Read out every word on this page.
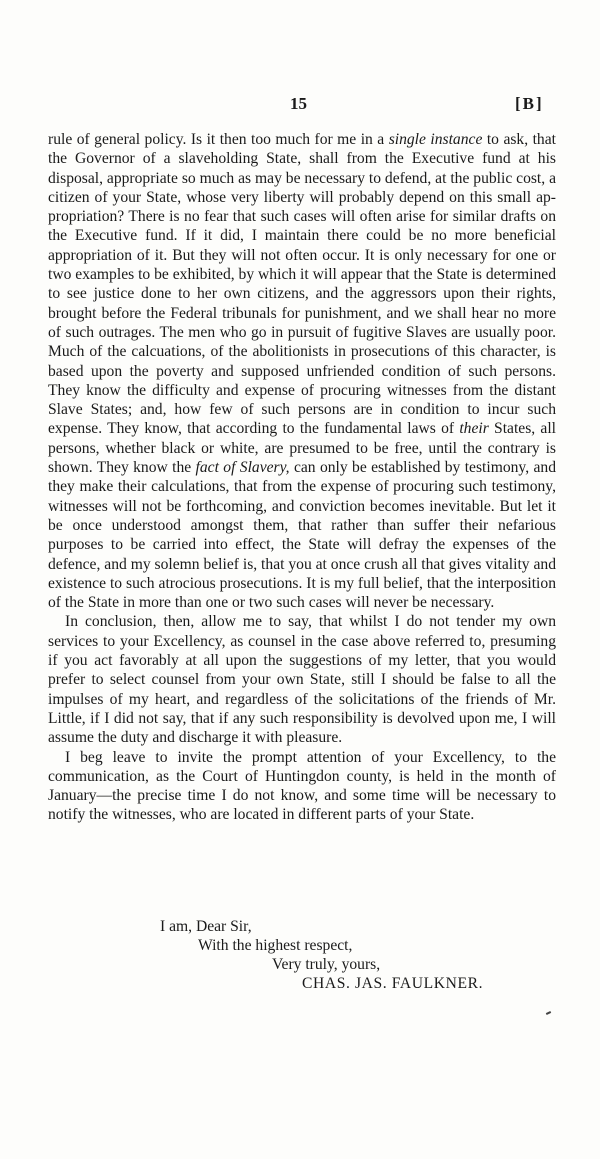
15	[B]

rule of general policy. Is it then too much for me in a single instance to ask, that the Governor of a slaveholding State, shall from the Executive fund at his disposal, appropriate so much as may be necessary to defend, at the public cost, a citizen of your State, whose very liberty will probably depend on this small appropriation? There is no fear that such cases will often arise for similar drafts on the Executive fund. If it did, I maintain there could be no more beneficial appropriation of it. But they will not often occur. It is only necessary for one or two examples to be exhibited, by which it will appear that the State is determined to see justice done to her own citizens, and the aggressors upon their rights, brought before the Federal tribunals for punishment, and we shall hear no more of such outrages. The men who go in pursuit of fugitive Slaves are usually poor. Much of the calcuations, of the abolitionists in prosecutions of this character, is based upon the poverty and supposed unfriended condition of such persons. They know the difficulty and expense of procuring witnesses from the distant Slave States; and, how few of such persons are in condition to incur such expense. They know, that according to the fundamental laws of their States, all persons, whether black or white, are presumed to be free, until the contrary is shown. They know the fact of Slavery, can only be established by testimony, and they make their calculations, that from the expense of procuring such testimony, witnesses will not be forthcoming, and conviction becomes inevitable. But let it be once understood amongst them, that rather than suffer their nefarious purposes to be carried into effect, the State will defray the expenses of the defence, and my solemn belief is, that you at once crush all that gives vitality and existence to such atrocious prosecutions. It is my full belief, that the interposition of the State in more than one or two such cases will never be necessary.

In conclusion, then, allow me to say, that whilst I do not tender my own services to your Excellency, as counsel in the case above referred to, presuming if you act favorably at all upon the suggestions of my letter, that you would prefer to select counsel from your own State, still I should be false to all the impulses of my heart, and regardless of the solicitations of the friends of Mr. Little, if I did not say, that if any such responsibility is devolved upon me, I will assume the duty and discharge it with pleasure.

I beg leave to invite the prompt attention of your Excellency, to the communication, as the Court of Huntingdon county, is held in the month of January—the precise time I do not know, and some time will be necessary to notify the witnesses, who are located in different parts of your State.

I am, Dear Sir,
With the highest respect,
Very truly, yours,
CHAS. JAS. FAULKNER.
